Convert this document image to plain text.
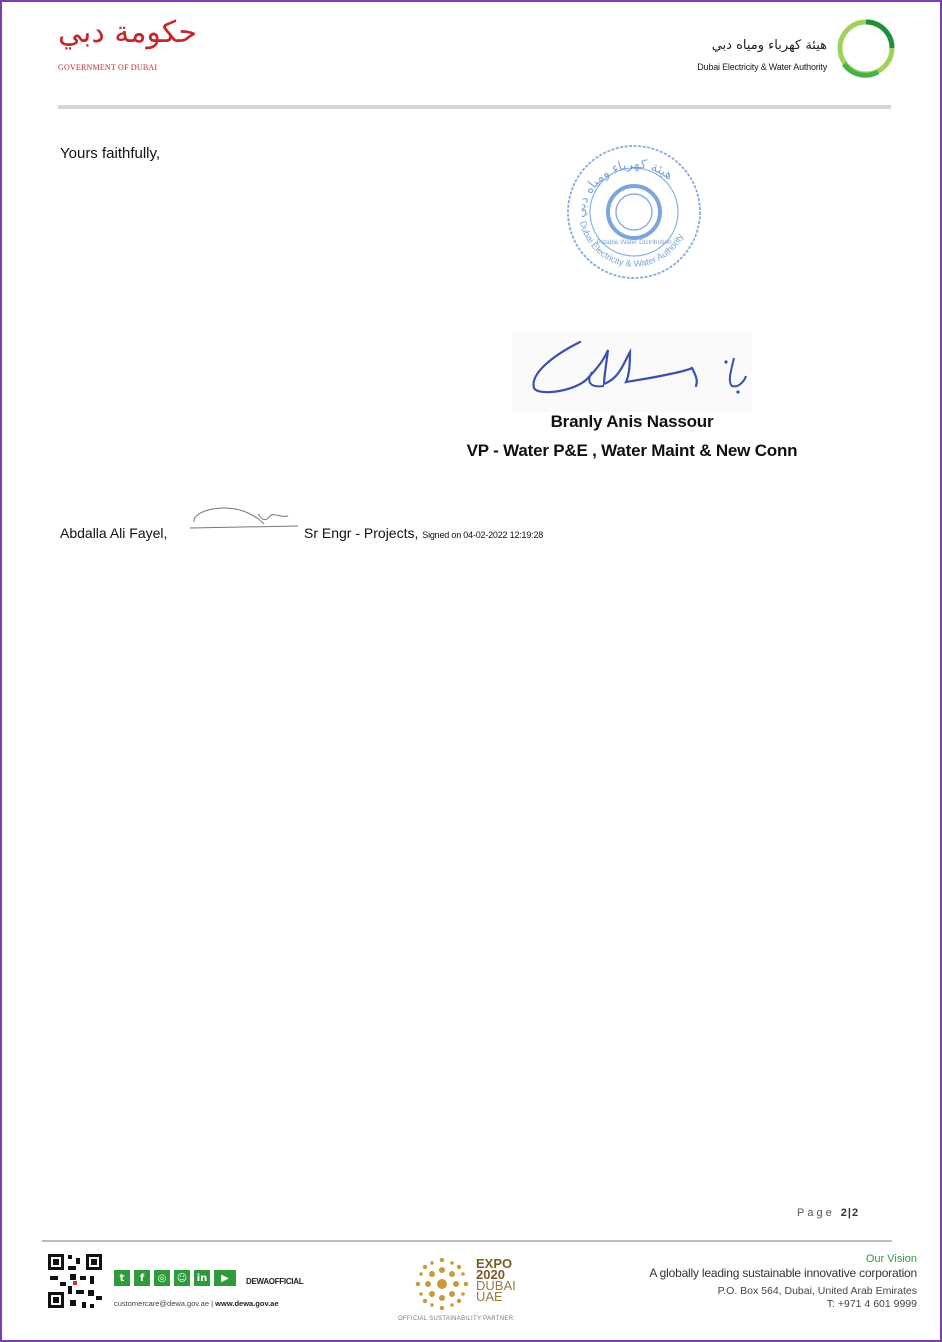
حكومة دبي
GOVERNMENT OF DUBAI
هيئة كهرباء ومياه دبي
Dubai Electricity & Water Authority
Yours faithfully,
هيئة كهرباء ومياه دبي
Dubai Electricity & Water Authority
Potable Water Distribution
Branly Anis Nassour
VP - Water P&E , Water Maint & New Conn
Abdalla Ali Fayel,	Sr Engr - Projects, Signed on 04-02-2022 12:19:28
Page 2|2
t	f	◎	☺ in	▶	DEWAOFFICIAL
customercare@dewa.gov.ae | www.dewa.gov.ae
EXPO
2020
DUBAI
UAE
OFFICIAL SUSTAINABILITY PARTNER
Our Vision
A globally leading sustainable innovative corporation
P.O. Box 564, Dubai, United Arab Emirates
T: +971 4 601 9999
